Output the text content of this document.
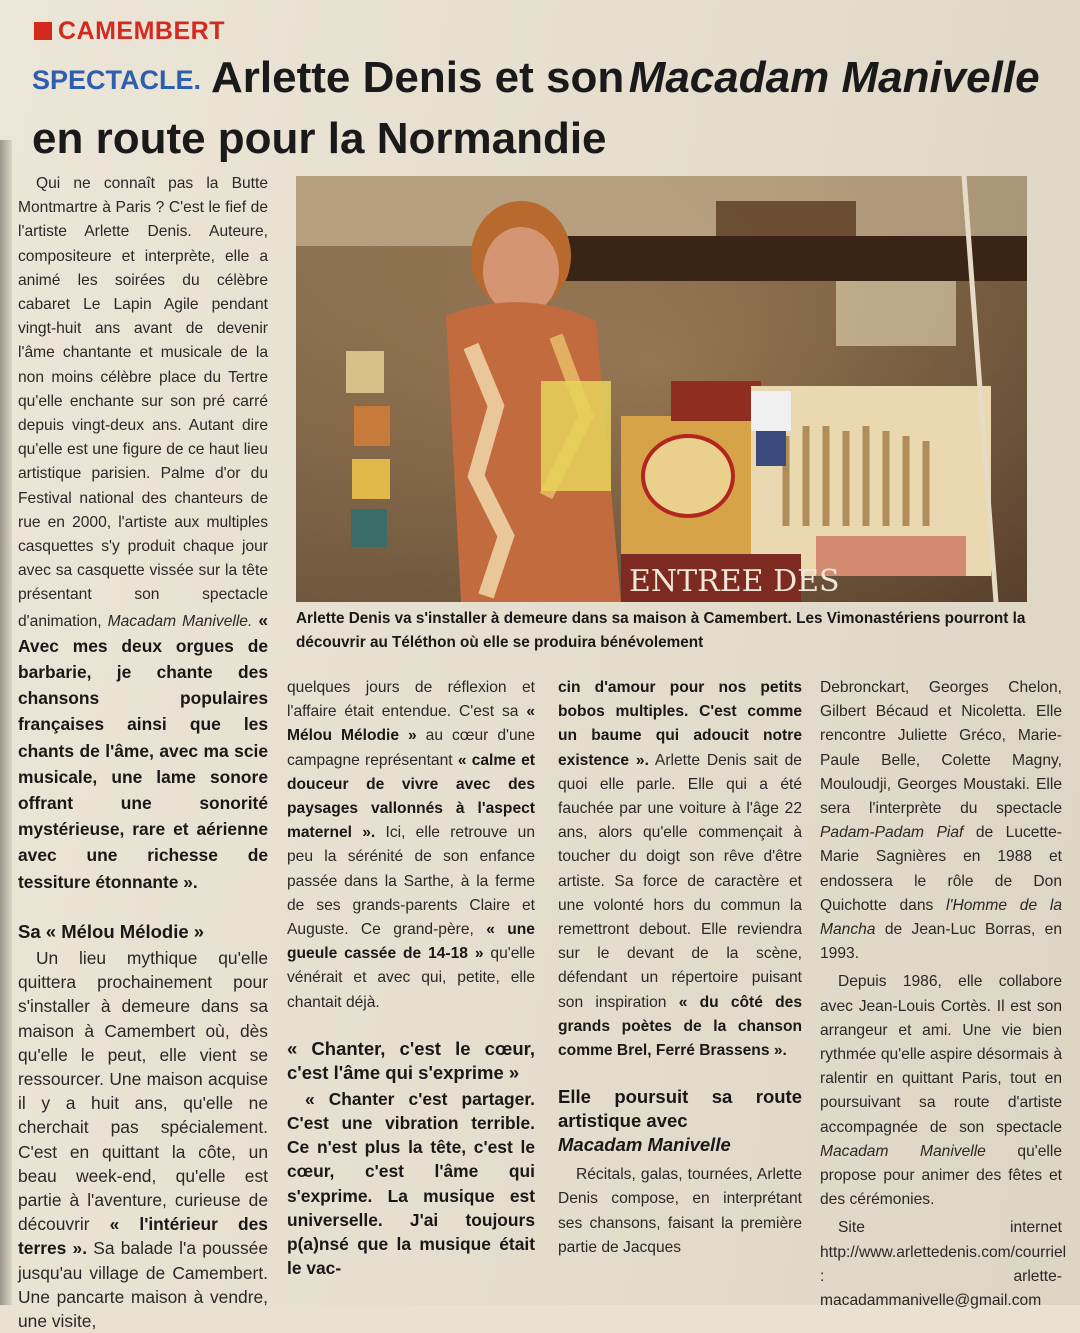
CAMEMBERT
SPECTACLE. Arlette Denis et son Macadam Manivelle en route pour la Normandie
ENTREE DES
Arlette Denis va s'installer à demeure dans sa maison à Camembert. Les Vimonastériens pourront la découvrir au Téléthon où elle se produira bénévolement

Qui ne connaît pas la Butte Montmartre à Paris ? C'est le fief de l'artiste Arlette Denis. Auteure, compositeure et interprète, elle a animé les soirées du célèbre cabaret Le Lapin Agile pendant vingt-huit ans avant de devenir l'âme chantante et musicale de la non moins célèbre place du Tertre qu'elle enchante sur son pré carré depuis vingt-deux ans. Autant dire qu'elle est une figure de ce haut lieu artistique parisien. Palme d'or du Festival national des chanteurs de rue en 2000, l'artiste aux multiples casquettes s'y produit chaque jour avec sa casquette vissée sur la tête présentant son spectacle d'animation, Macadam Manivelle. « Avec mes deux orgues de barbarie, je chante des chansons populaires françaises ainsi que les chants de l'âme, avec ma scie musicale, une lame sonore offrant une sonorité mystérieuse, rare et aérienne avec une richesse de tessiture étonnante ».

Sa « Mélou Mélodie »

Un lieu mythique qu'elle quittera prochainement pour s'installer à demeure dans sa maison à Camembert où, dès qu'elle le peut, elle vient se ressourcer. Une maison acquise il y a huit ans, qu'elle ne cherchait pas spécialement. C'est en quittant la côte, un beau week-end, qu'elle est partie à l'aventure, curieuse de découvrir « l'intérieur des terres ». Sa balade l'a poussée jusqu'au village de Camembert. Une pancarte maison à vendre, une visite,

quelques jours de réflexion et l'affaire était entendue. C'est sa « Mélou Mélodie » au cœur d'une campagne représentant « calme et douceur de vivre avec des paysages vallonnés à l'aspect maternel ». Ici, elle retrouve un peu la sérénité de son enfance passée dans la Sarthe, à la ferme de ses grands-parents Claire et Auguste. Ce grand-père, « une gueule cassée de 14-18 » qu'elle vénérait et avec qui, petite, elle chantait déjà.

« Chanter, c'est le cœur, c'est l'âme qui s'exprime »

« Chanter c'est partager. C'est une vibration terrible. Ce n'est plus la tête, c'est le cœur, c'est l'âme qui s'exprime. La musique est universelle. J'ai toujours p(a)nsé que la musique était le vac-

cin d'amour pour nos petits bobos multiples. C'est comme un baume qui adoucit notre existence ». Arlette Denis sait de quoi elle parle. Elle qui a été fauchée par une voiture à l'âge 22 ans, alors qu'elle commençait à toucher du doigt son rêve d'être artiste. Sa force de caractère et une volonté hors du commun la remettront debout. Elle reviendra sur le devant de la scène, défendant un répertoire puisant son inspiration « du côté des grands poètes de la chanson comme Brel, Ferré Brassens ».

Elle poursuit sa route artistique avec
Macadam Manivelle

Récitals, galas, tournées, Arlette Denis compose, en interprétant ses chansons, faisant la première partie de Jacques

Debronckart, Georges Chelon, Gilbert Bécaud et Nicoletta. Elle rencontre Juliette Gréco, Marie-Paule Belle, Colette Magny, Mouloudji, Georges Moustaki. Elle sera l'interprète du spectacle Padam-Padam Piaf de Lucette-Marie Sagnières en 1988 et endossera le rôle de Don Quichotte dans l'Homme de la Mancha de Jean-Luc Borras, en 1993.

Depuis 1986, elle collabore avec Jean-Louis Cortès. Il est son arrangeur et ami. Une vie bien rythmée qu'elle aspire désormais à ralentir en quittant Paris, tout en poursuivant sa route d'artiste accompagnée de son spectacle Macadam Manivelle qu'elle propose pour animer des fêtes et des cérémonies.

Site internet http://www.arlettedenis.com/courriel : arlette-macadammanivelle@gmail.com
